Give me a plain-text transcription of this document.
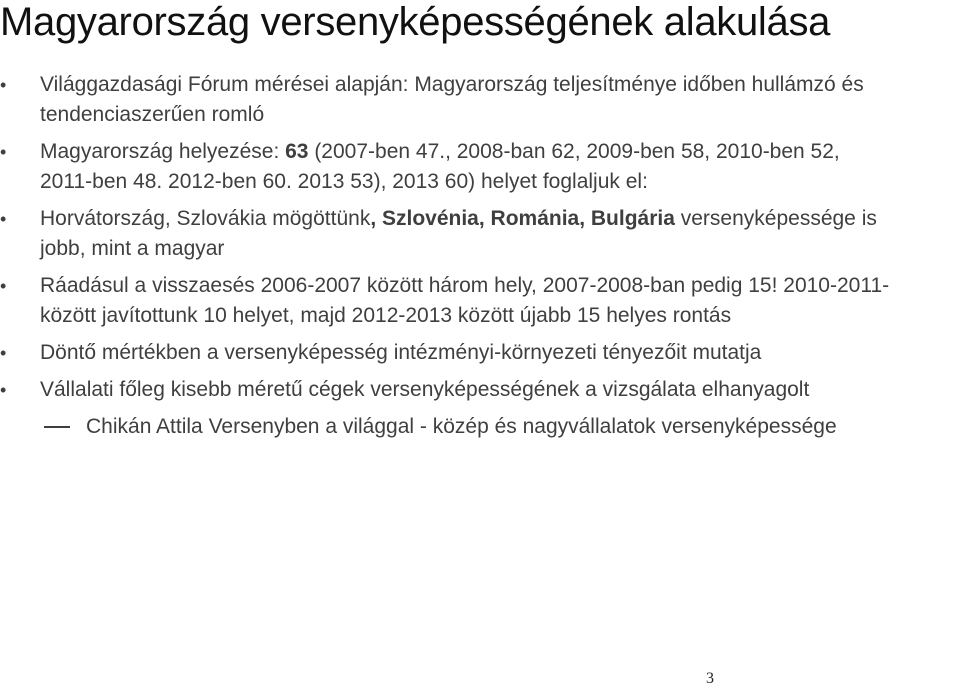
Magyarország versenyképességének alakulása
•	Világgazdasági Fórum mérései alapján: Magyarország teljesítménye időben hullámzó és tendenciaszerűen romló
•	Magyarország helyezése: 63 (2007-ben 47., 2008-ban 62, 2009-ben 58, 2010-ben 52, 2011-ben 48. 2012-ben 60. 2013 53), 2013 60) helyet foglaljuk el:
•	Horvátország, Szlovákia mögöttünk, Szlovénia, Románia, Bulgária versenyképessége is jobb, mint a magyar
•	Ráadásul a visszaesés 2006-2007 között három hely, 2007-2008-ban pedig 15! 2010-2011-között javítottunk 10 helyet, majd 2012-2013 között újabb 15 helyes rontás
•	Döntő mértékben a versenyképesség intézményi-környezeti tényezőit mutatja
•	Vállalati főleg kisebb méretű cégek versenyképességének a vizsgálata elhanyagolt
Chikán Attila Versenyben a világgal - közép és nagyvállalatok versenyképessége
3
